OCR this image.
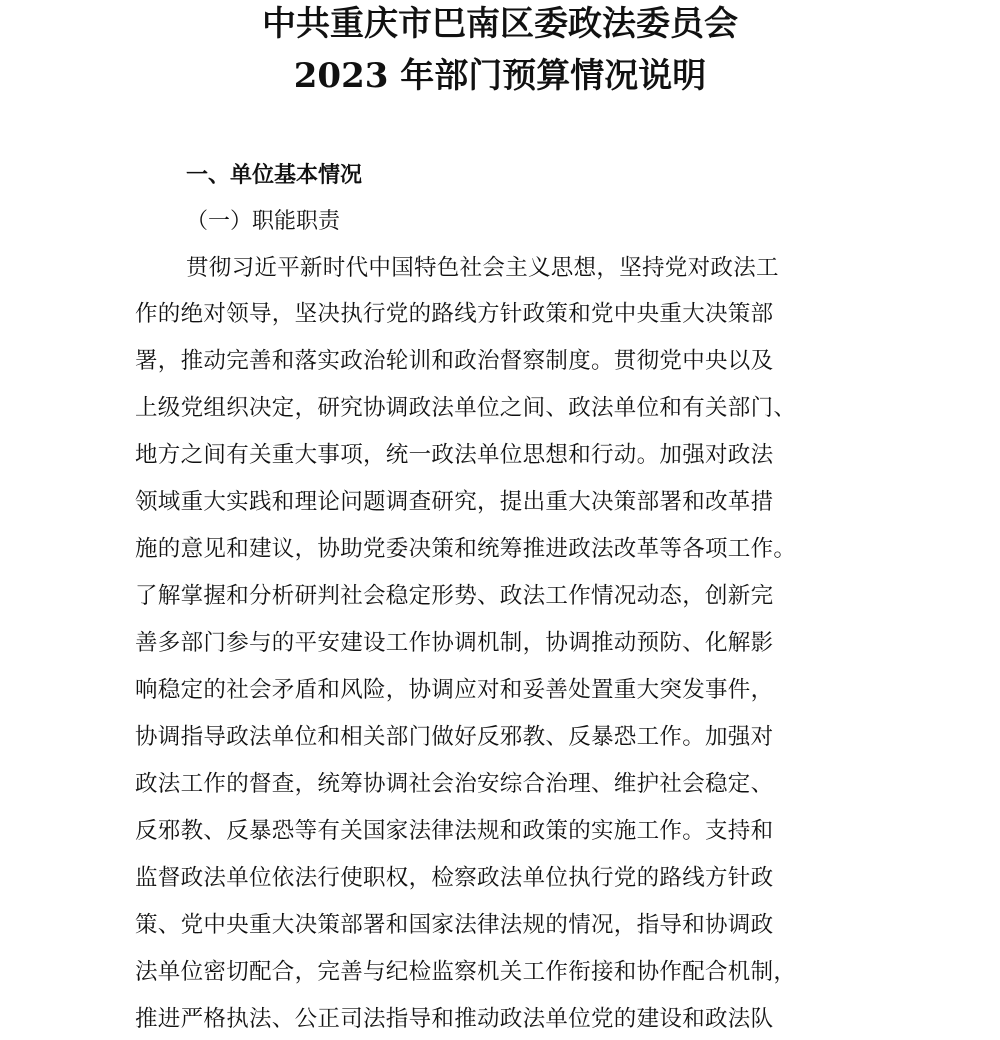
中共重庆市巴南区委政法委员会
2023 年部门预算情况说明
一、单位基本情况
（一）职能职责
贯彻习近平新时代中国特色社会主义思想，坚持党对政法工
作的绝对领导，坚决执行党的路线方针政策和党中央重大决策部
署，推动完善和落实政治轮训和政治督察制度。贯彻党中央以及
上级党组织决定，研究协调政法单位之间、政法单位和有关部门、
地方之间有关重大事项，统一政法单位思想和行动。加强对政法
领域重大实践和理论问题调查研究，提出重大决策部署和改革措
施的意见和建议，协助党委决策和统筹推进政法改革等各项工作。
了解掌握和分析研判社会稳定形势、政法工作情况动态，创新完
善多部门参与的平安建设工作协调机制，协调推动预防、化解影
响稳定的社会矛盾和风险，协调应对和妥善处置重大突发事件，
协调指导政法单位和相关部门做好反邪教、反暴恐工作。加强对
政法工作的督查，统筹协调社会治安综合治理、维护社会稳定、
反邪教、反暴恐等有关国家法律法规和政策的实施工作。支持和
监督政法单位依法行使职权，检察政法单位执行党的路线方针政
策、党中央重大决策部署和国家法律法规的情况，指导和协调政
法单位密切配合，完善与纪检监察机关工作衔接和协作配合机制，
推进严格执法、公正司法指导和推动政法单位党的建设和政法队
